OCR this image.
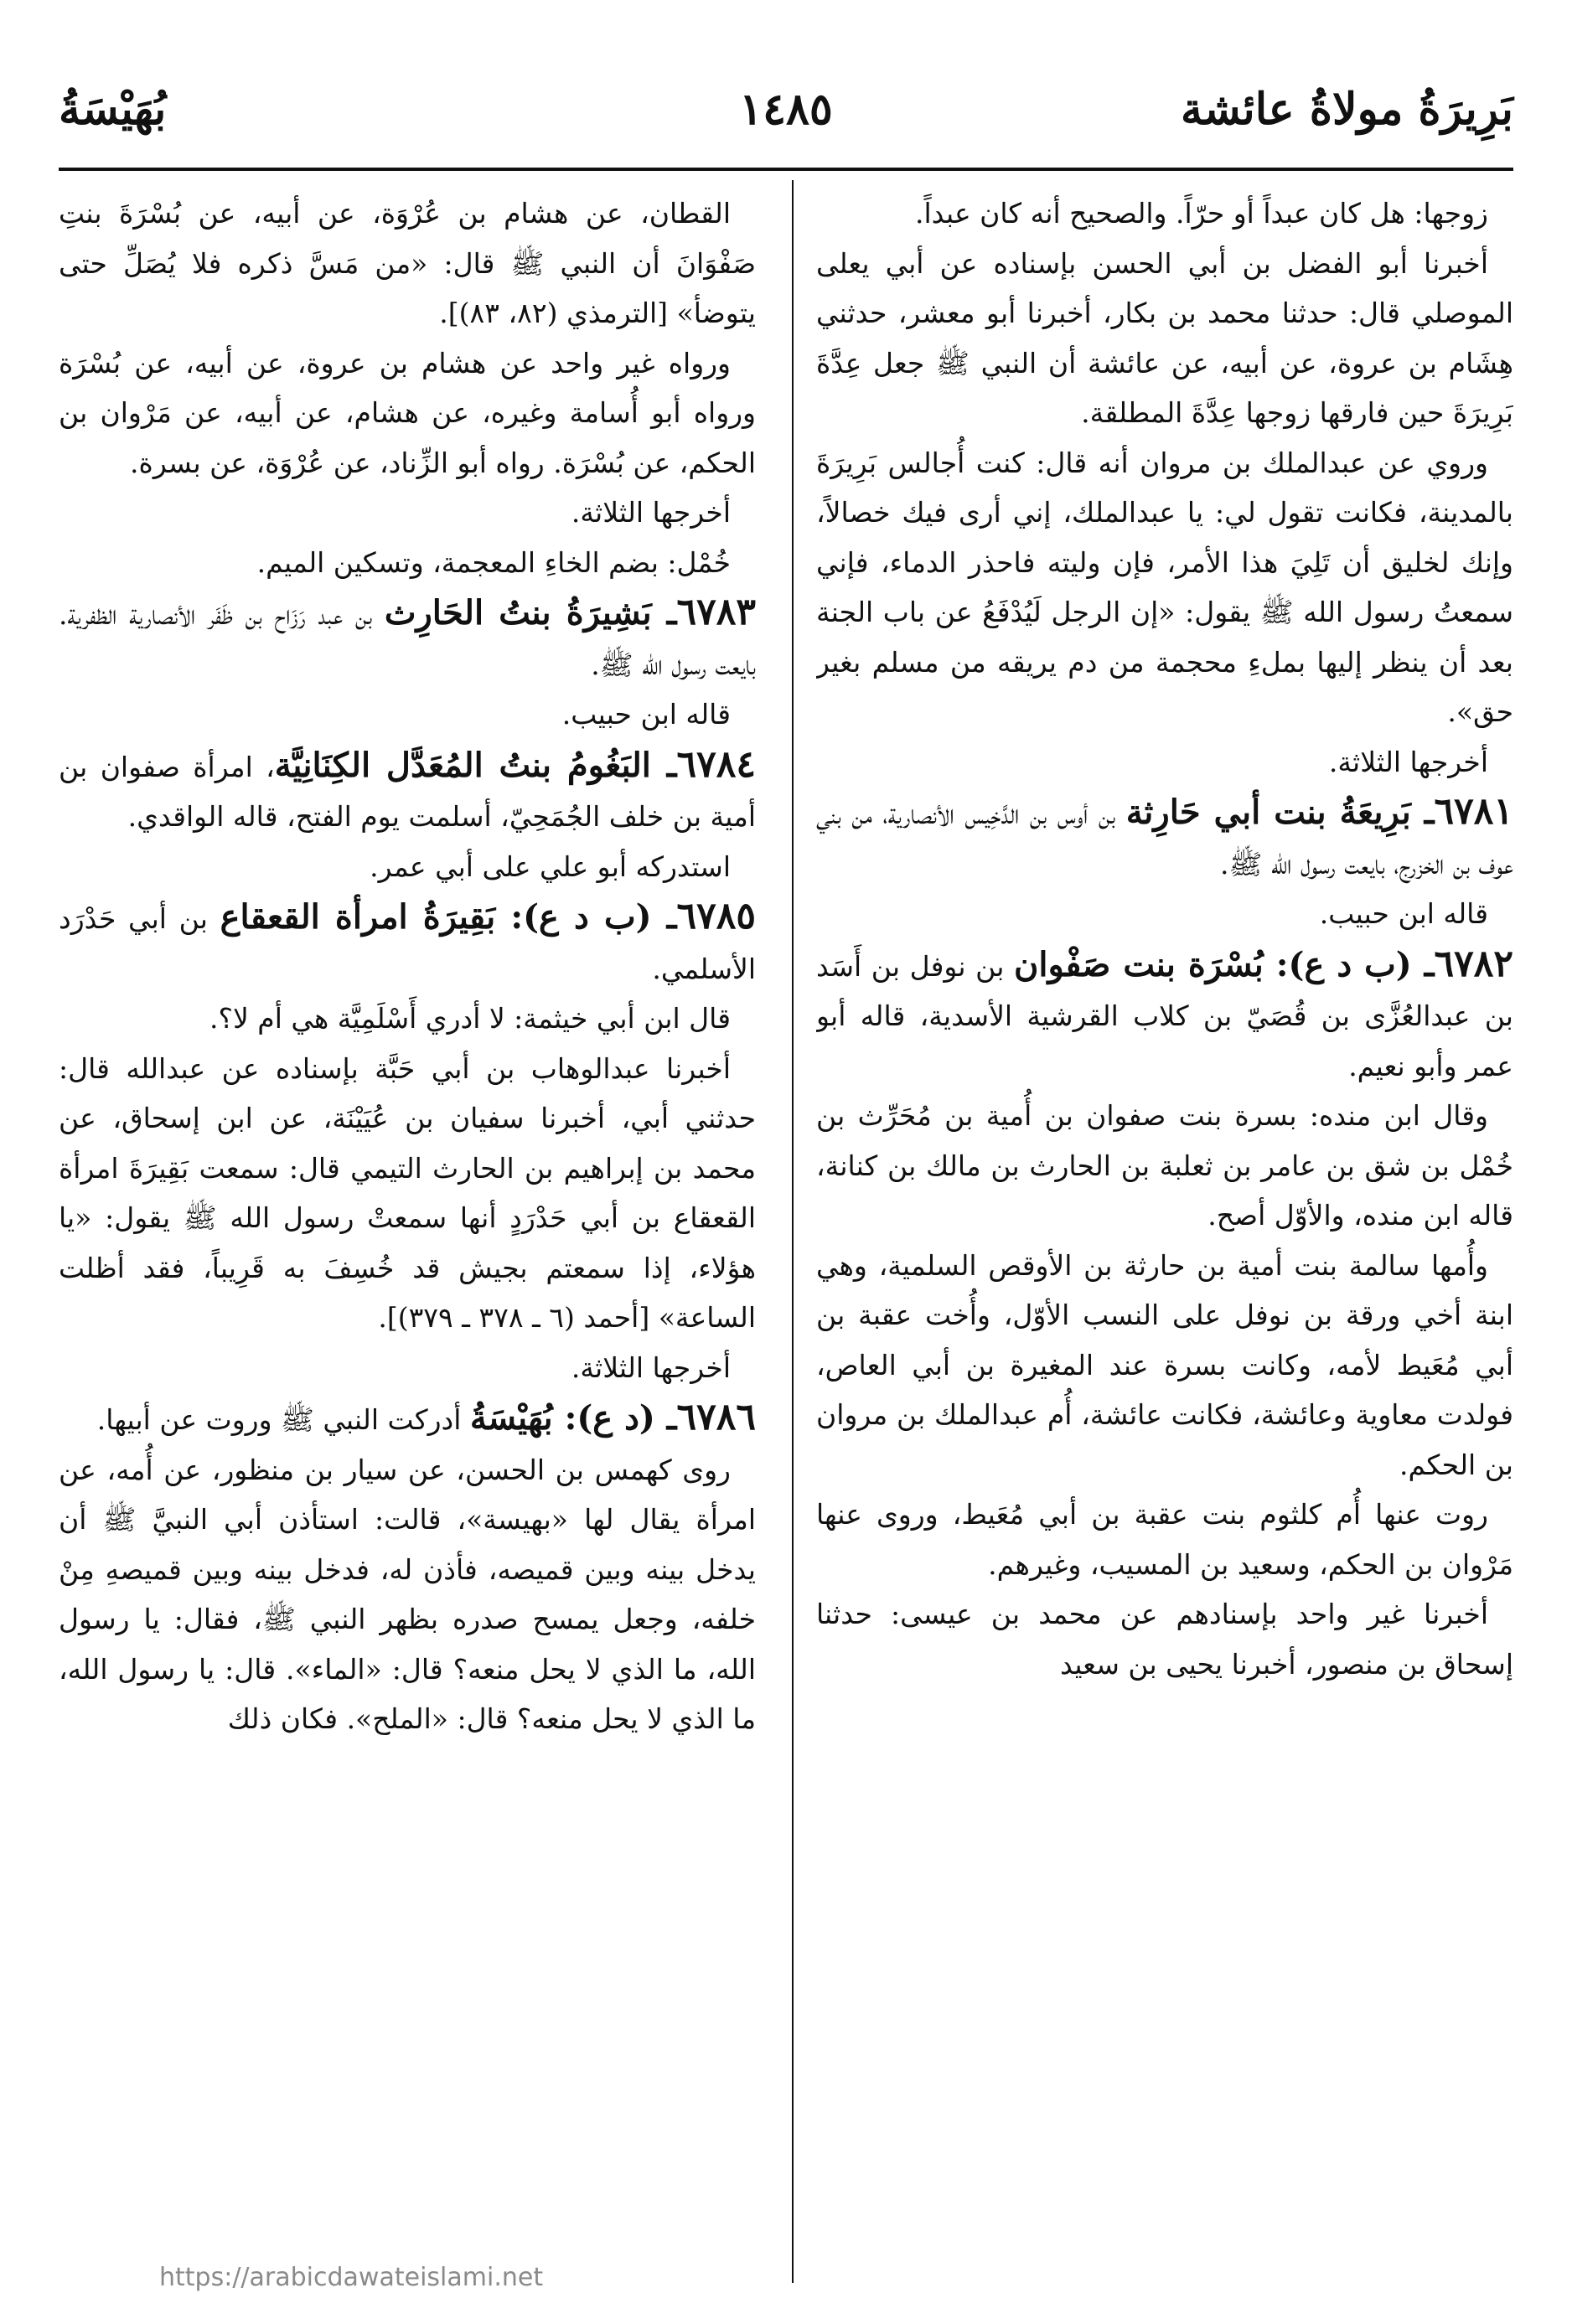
بَرِيرَةُ مولاةُ عائشة
١٤٨٥
بُهَيْسَةُ

زوجها: هل كان عبداً أو حرّاً. والصحيح أنه كان عبداً.

أخبرنا أبو الفضل بن أبي الحسن بإسناده عن أبي يعلى الموصلي قال: حدثنا محمد بن بكار، أخبرنا أبو معشر، حدثني هِشَام بن عروة، عن أبيه، عن عائشة أن النبي ﷺ جعل عِدَّةَ بَرِيرَةَ حين فارقها زوجها عِدَّةَ المطلقة.

وروي عن عبدالملك بن مروان أنه قال: كنت أُجالس بَرِيرَةَ بالمدينة، فكانت تقول لي: يا عبدالملك، إني أرى فيك خصالاً، وإنك لخليق أن تَلِيَ هذا الأمر، فإن وليته فاحذر الدماء، فإني سمعتُ رسول الله ﷺ يقول: «إن الرجل لَيُدْفَعُ عن باب الجنة بعد أن ينظر إليها بملءِ محجمة من دم يريقه من مسلم بغير حق».

أخرجها الثلاثة.

٦٧٨١ـ بَرِيعَةُ بنت أبي حَارِثة بن أوس بن الدَّخِيس الأنصارية، من بني عوف بن الخزرج، بايعت رسول الله ﷺ.

قاله ابن حبيب.

٦٧٨٢ـ (ب د ع): بُسْرَة بنت صَفْوان بن نوفل بن أَسَد بن عبدالعُزَّى بن قُصَيّ بن كلاب القرشية الأسدية، قاله أبو عمر وأبو نعيم.

وقال ابن منده: بسرة بنت صفوان بن أُمية بن مُحَرِّث بن خُمْل بن شق بن عامر بن ثعلبة بن الحارث بن مالك بن كنانة، قاله ابن منده، والأوّل أصح.

وأُمها سالمة بنت أمية بن حارثة بن الأوقص السلمية، وهي ابنة أخي ورقة بن نوفل على النسب الأوّل، وأُخت عقبة بن أبي مُعَيط لأمه، وكانت بسرة عند المغيرة بن أبي العاص، فولدت معاوية وعائشة، فكانت عائشة، أُم عبدالملك بن مروان بن الحكم.

روت عنها أُم كلثوم بنت عقبة بن أبي مُعَيط، وروى عنها مَرْوان بن الحكم، وسعيد بن المسيب، وغيرهم.

أخبرنا غير واحد بإسنادهم عن محمد بن عيسى: حدثنا إسحاق بن منصور، أخبرنا يحيى بن سعيد

القطان، عن هشام بن عُرْوَة، عن أبيه، عن بُسْرَةَ بنتِ صَفْوَانَ أن النبي ﷺ قال: «من مَسَّ ذكره فلا يُصَلِّ حتى يتوضأ» [الترمذي (٨٢، ٨٣)].

ورواه غير واحد عن هشام بن عروة، عن أبيه، عن بُسْرَة ورواه أبو أُسامة وغيره، عن هشام، عن أبيه، عن مَرْوان بن الحكم، عن بُسْرَة. رواه أبو الزِّناد، عن عُرْوَة، عن بسرة.

أخرجها الثلاثة.

خُمْل: بضم الخاءِ المعجمة، وتسكين الميم.

٦٧٨٣ـ بَشِيرَةُ بنتُ الحَارِث بن عبد رَزَاح بن ظَفَر الأنصارية الظفرية. بايعت رسول الله ﷺ.

قاله ابن حبيب.

٦٧٨٤ـ البَغُومُ بنتُ المُعَدَّل الكِنَانِيَّة، امرأة صفوان بن أمية بن خلف الجُمَحِيّ، أسلمت يوم الفتح، قاله الواقدي.

استدركه أبو علي على أبي عمر.

٦٧٨٥ـ (ب د ع): بَقِيرَةُ امرأة القعقاع بن أبي حَدْرَد الأسلمي.

قال ابن أبي خيثمة: لا أدري أَسْلَمِيَّة هي أم لا؟.

أخبرنا عبدالوهاب بن أبي حَبَّة بإسناده عن عبدالله قال: حدثني أبي، أخبرنا سفيان بن عُيَيْنَة، عن ابن إسحاق، عن محمد بن إبراهيم بن الحارث التيمي قال: سمعت بَقِيرَةَ امرأة القعقاع بن أبي حَدْرَدٍ أنها سمعتْ رسول الله ﷺ يقول: «يا هؤلاء، إذا سمعتم بجيش قد خُسِفَ به قَرِيباً، فقد أظلت الساعة» [أحمد (٦ ـ ٣٧٨ ـ ٣٧٩)].

أخرجها الثلاثة.

٦٧٨٦ـ (د ع): بُهَيْسَةُ أدركت النبي ﷺ وروت عن أبيها.

روى كهمس بن الحسن، عن سيار بن منظور، عن أُمه، عن امرأة يقال لها «بهيسة»، قالت: استأذن أبي النبيَّ ﷺ أن يدخل بينه وبين قميصه، فأذن له، فدخل بينه وبين قميصهِ مِنْ خلفه، وجعل يمسح صدره بظهر النبي ﷺ، فقال: يا رسول الله، ما الذي لا يحل منعه؟ قال: «الماء». قال: يا رسول الله، ما الذي لا يحل منعه؟ قال: «الملح». فكان ذلك

https://arabicdawateislami.net
